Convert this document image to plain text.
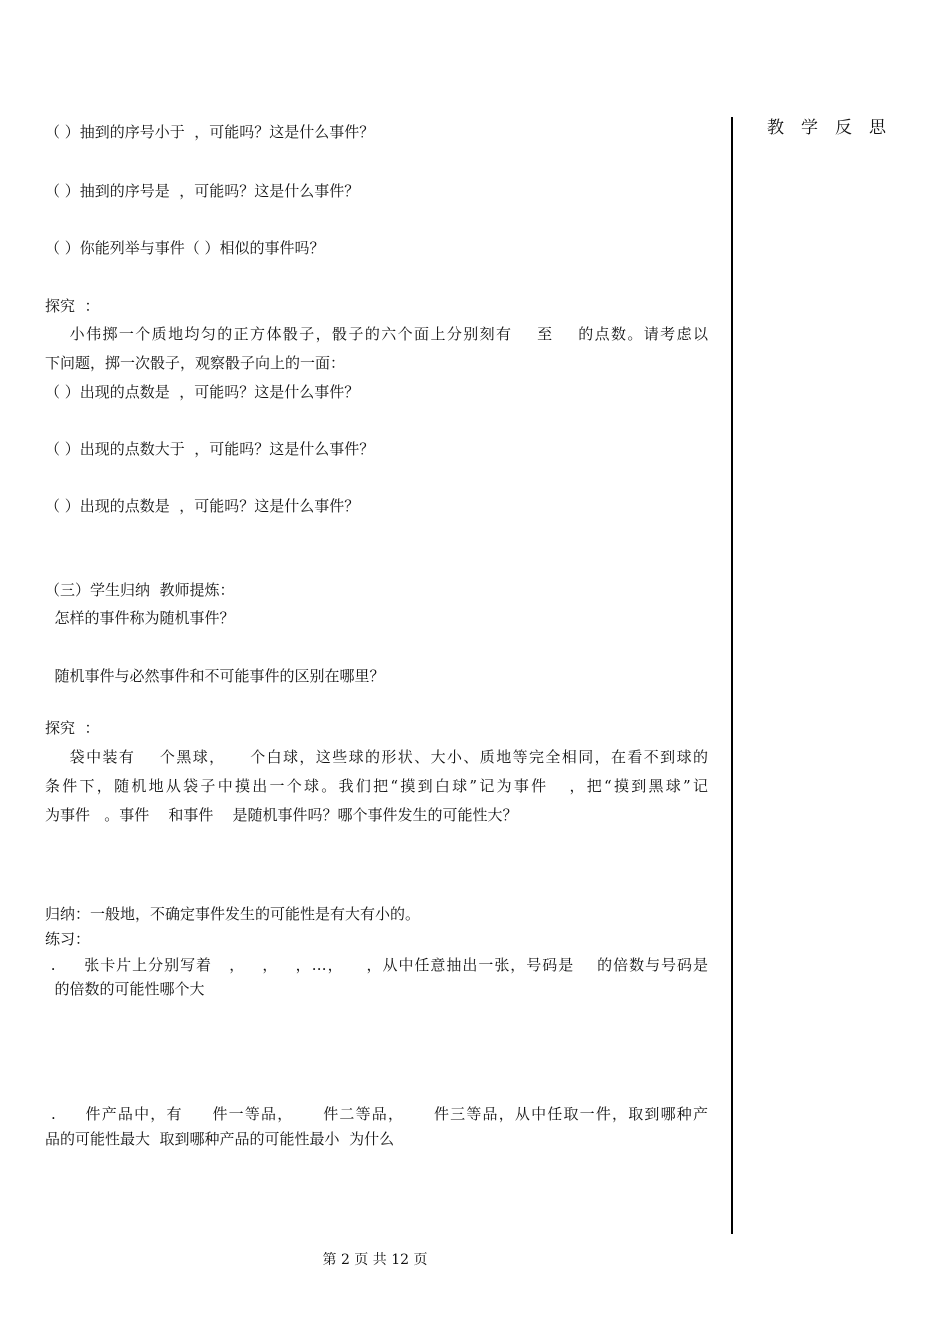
（ ）抽到的序号小于  ，可能吗？这是什么事件？
（ ）抽到的序号是  ，可能吗？这是什么事件？
（ ）你能列举与事件（ ）相似的事件吗？
探究  ：
小伟掷一个质地均匀的正方体骰子，骰子的六个面上分别刻有    至    的点数。请考虑以
下问题，掷一次骰子，观察骰子向上的一面：
（ ）出现的点数是  ，可能吗？这是什么事件？
（ ）出现的点数大于  ，可能吗？这是什么事件？
（ ）出现的点数是  ，可能吗？这是什么事件？
（三）学生归纳  教师提炼：
怎样的事件称为随机事件？
随机事件与必然事件和不可能事件的区别在哪里？
探究  ：
袋中装有    个黑球，    个白球，这些球的形状、大小、质地等完全相同，在看不到球的
条件下，随机地从袋子中摸出一个球。我们把“摸到白球”记为事件   ，把“摸到黑球”记
为事件   。事件    和事件    是随机事件吗？哪个事件发生的可能性大？
归纳：一般地，不确定事件发生的可能性是有大有小的。
练习：
.     张卡片上分别写着   ，   ，   ，…，    ，从中任意抽出一张，号码是    的倍数与号码是
的倍数的可能性哪个大
.     件产品中，有     件一等品，     件二等品，     件三等品，从中任取一件，取到哪种产
品的可能性最大  取到哪种产品的可能性最小  为什么
教学反思
第 2 页 共 12 页
